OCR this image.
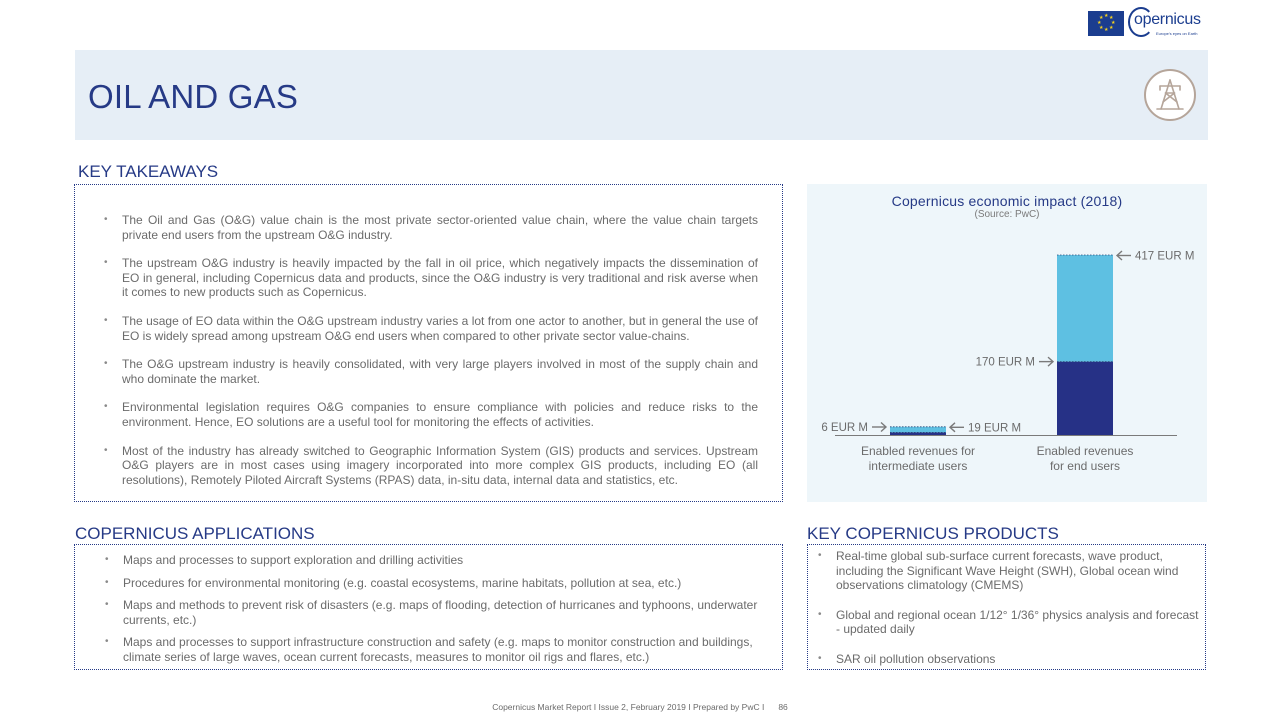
★ ★
★
★
★
★
★
★ opernicus
Europe's eyes on Earth
OIL AND GAS
KEY TAKEAWAYS
• The Oil and Gas (O&G) value chain is the most private sector-oriented value chain, where the value chain targets private end users from the upstream O&G industry.
• The upstream O&G industry is heavily impacted by the fall in oil price, which negatively impacts the dissemination of EO in general, including Copernicus data and products, since the O&G industry is very traditional and risk averse when it comes to new products such as Copernicus.
• The usage of EO data within the O&G upstream industry varies a lot from one actor to another, but in general the use of EO is widely spread among upstream O&G end users when compared to other private sector value-chains.
• The O&G upstream industry is heavily consolidated, with very large players involved in most of the supply chain and who dominate the market.
• Environmental legislation requires O&G companies to ensure compliance with policies and reduce risks to the environment. Hence, EO solutions are a useful tool for monitoring the effects of activities.
• Most of the industry has already switched to Geographic Information System (GIS) products and services. Upstream O&G players are in most cases using imagery incorporated into more complex GIS products, including EO (all resolutions), Remotely Piloted Aircraft Systems (RPAS) data, in-situ data, internal data and statistics, etc.
Copernicus economic impact (2018)
(Source: PwC)
Enabled revenues for
intermediate users
19 EUR M
6 EUR M
Enabled revenues
for end users
417 EUR M
170 EUR M
COPERNICUS APPLICATIONS
• Maps and processes to support exploration and drilling activities
• Procedures for environmental monitoring (e.g. coastal ecosystems, marine habitats, pollution at sea, etc.)
• Maps and methods to prevent risk of disasters (e.g. maps of flooding, detection of hurricanes and typhoons, underwater currents, etc.)
• Maps and processes to support infrastructure construction and safety (e.g. maps to monitor construction and buildings, climate series of large waves, ocean current forecasts, measures to monitor oil rigs and flares, etc.)
KEY COPERNICUS PRODUCTS
• Real-time global sub-surface current forecasts, wave product, including the Significant Wave Height (SWH), Global ocean wind observations climatology (CMEMS)
• Global and regional ocean 1/12° 1/36° physics analysis and forecast - updated daily
• SAR oil pollution observations
Copernicus Market Report I Issue 2, February 2019 I Prepared by PwC I 86
